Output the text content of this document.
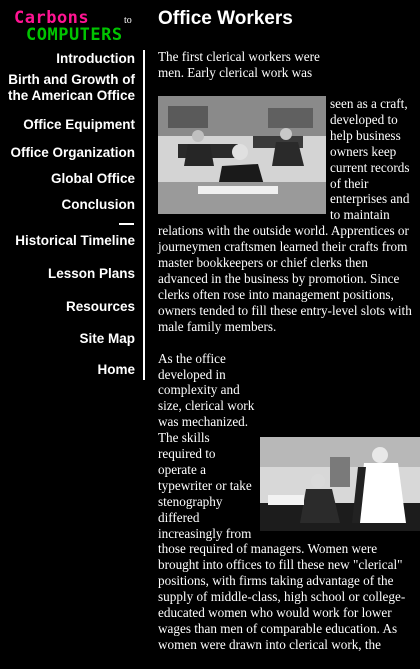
Carbons	to
COMPUTERS
Introduction
Birth and Growth of
the American Office
Office Equipment
Office Organization
Global Office
Conclusion
Historical Timeline
Lesson Plans
Resources
Site Map
Home
Office Workers

The first clerical workers were men. Early clerical work was seen as a craft, developed to help business owners keep current records of their enterprises and to maintain relations with the outside world. Apprentices or journeymen craftsmen learned their crafts from master bookkeepers or chief clerks then advanced in the business by promotion. Since clerks often rose into management positions, owners tended to fill these entry-level slots with male family members.

As the office developed in complexity and size, clerical work was mechanized. The skills required to operate a typewriter or take stenography differed increasingly from those required of managers. Women were brought into offices to fill these new "clerical" positions, with firms taking advantage of the supply of middle-class, high school or college-educated women who would work for lower wages than men of comparable education. As women were drawn into clerical work, the
